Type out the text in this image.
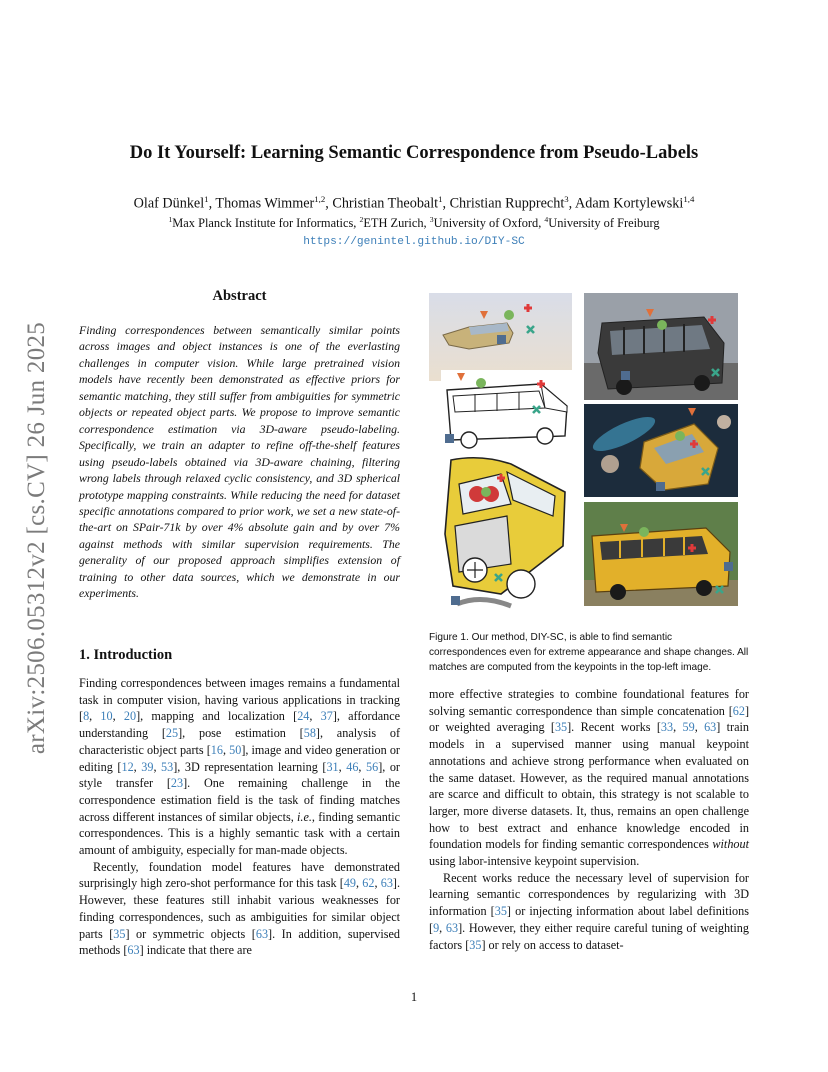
arXiv:2506.05312v2 [cs.CV] 26 Jun 2025
Do It Yourself: Learning Semantic Correspondence from Pseudo-Labels
Olaf Dünkel$^1$, Thomas Wimmer$^{1,2}$, Christian Theobalt$^1$, Christian Rupprecht$^3$, Adam Kortylewski$^{1,4}$
$^1$Max Planck Institute for Informatics, $^2$ETH Zurich, $^3$University of Oxford, $^4$University of Freiburg
https://genintel.github.io/DIY-SC
Abstract
Finding correspondences between semantically similar points across images and object instances is one of the everlasting challenges in computer vision. While large pretrained vision models have recently been demonstrated as effective priors for semantic matching, they still suffer from ambiguities for symmetric objects or repeated object parts. We propose to improve semantic correspondence estimation via 3D-aware pseudo-labeling. Specifically, we train an adapter to refine off-the-shelf features using pseudo-labels obtained via 3D-aware chaining, filtering wrong labels through relaxed cyclic consistency, and 3D spherical prototype mapping constraints. While reducing the need for dataset specific annotations compared to prior work, we set a new state-of-the-art on SPair-71k by over 4% absolute gain and by over 7% against methods with similar supervision requirements. The generality of our proposed approach simplifies extension of training to other data sources, which we demonstrate in our experiments.
1. Introduction

Finding correspondences between images remains a fundamental task in computer vision, having various applications in tracking [8, 10, 20], mapping and localization [24, 37], affordance understanding [25], pose estimation [58], analysis of characteristic object parts [16, 50], image and video generation or editing [12, 39, 53], 3D representation learning [31, 46, 56], or style transfer [23]. One remaining challenge in the correspondence estimation field is the task of finding matches across different instances of similar objects, i.e., finding semantic correspondences. This is a highly semantic task with a certain amount of ambiguity, especially for man-made objects.

Recently, foundation model features have demonstrated surprisingly high zero-shot performance for this task [49, 62, 63]. However, these features still inhabit various weaknesses for finding correspondences, such as ambiguities for similar object parts [35] or symmetric objects [63]. In addition, supervised methods [63] indicate that there are

more effective strategies to combine foundational features for solving semantic correspondence than simple concatenation [62] or weighted averaging [35]. Recent works [33, 59, 63] train models in a supervised manner using manual keypoint annotations and achieve strong performance when evaluated on the same dataset. However, as the required manual annotations are scarce and difficult to obtain, this strategy is not scalable to larger, more diverse datasets. It, thus, remains an open challenge how to best extract and enhance knowledge encoded in foundation models for finding semantic correspondences without using labor-intensive keypoint supervision.

Recent works reduce the necessary level of supervision for learning semantic correspondences by regularizing with 3D information [35] or injecting information about label definitions [9, 63]. However, they either require careful tuning of weighting factors [35] or rely on access to dataset-

Figure 1. Our method, DIY-SC, is able to find semantic correspondences even for extreme appearance and shape changes. All matches are computed from the keypoints in the top-left image.
1
